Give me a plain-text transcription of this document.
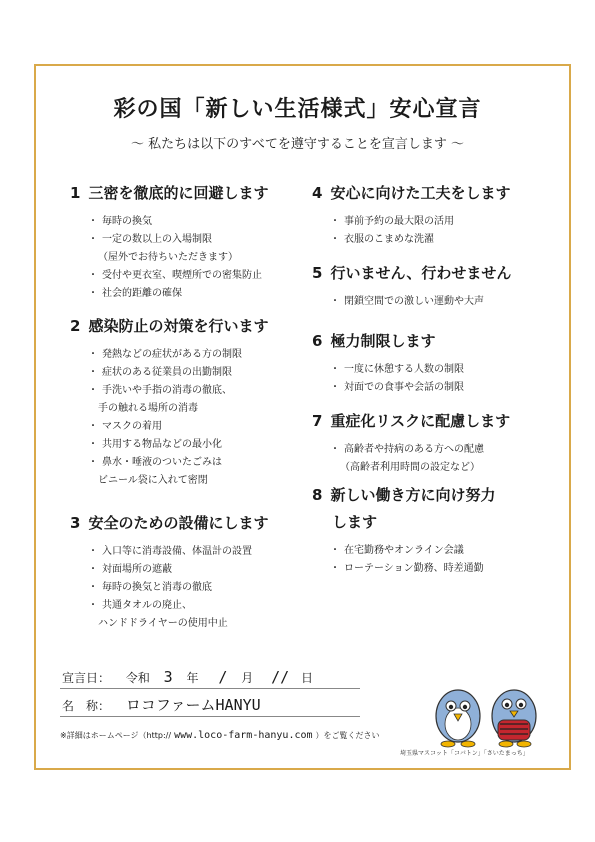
彩の国「新しい生活様式」安心宣言
～ 私たちは以下のすべてを遵守することを宣言します ～
1 三密を徹底的に回避します
・ 毎時の換気
・ 一定の数以上の入場制限
（屋外でお待ちいただきます）
・ 受付や更衣室、喫煙所での密集防止
・ 社会的距離の確保
2 感染防止の対策を行います
・ 発熱などの症状がある方の制限
・ 症状のある従業員の出勤制限
・ 手洗いや手指の消毒の徹底、
手の触れる場所の消毒
・ マスクの着用
・ 共用する物品などの最小化
・ 鼻水・唾液のついたごみは
ビニール袋に入れて密閉
3 安全のための設備にします
・ 入口等に消毒設備、体温計の設置
・ 対面場所の遮蔽
・ 毎時の換気と消毒の徹底
・ 共通タオルの廃止、
ハンドドライヤーの使用中止
4 安心に向けた工夫をします
・ 事前予約の最大限の活用
・ 衣服のこまめな洗濯
5 行いません、行わせません
・ 閉鎖空間での激しい運動や大声
6 極力制限します
・ 一度に休憩する人数の制限
・ 対面での食事や会話の制限
7 重症化リスクに配慮します
・ 高齢者や持病のある方への配慮
（高齢者利用時間の設定など）
8 新しい働き方に向け努力
します
・ 在宅勤務やオンライン会議
・ ローテーション勤務、時差通勤
宣言日： 令和 3 年 / 月 // 日
名　称： ロコファームHANYU
※詳細はホームページ（http:// www.loco-farm-hanyu.com ）をご覧ください
埼玉県マスコット「コバトン」「さいたまっち」
